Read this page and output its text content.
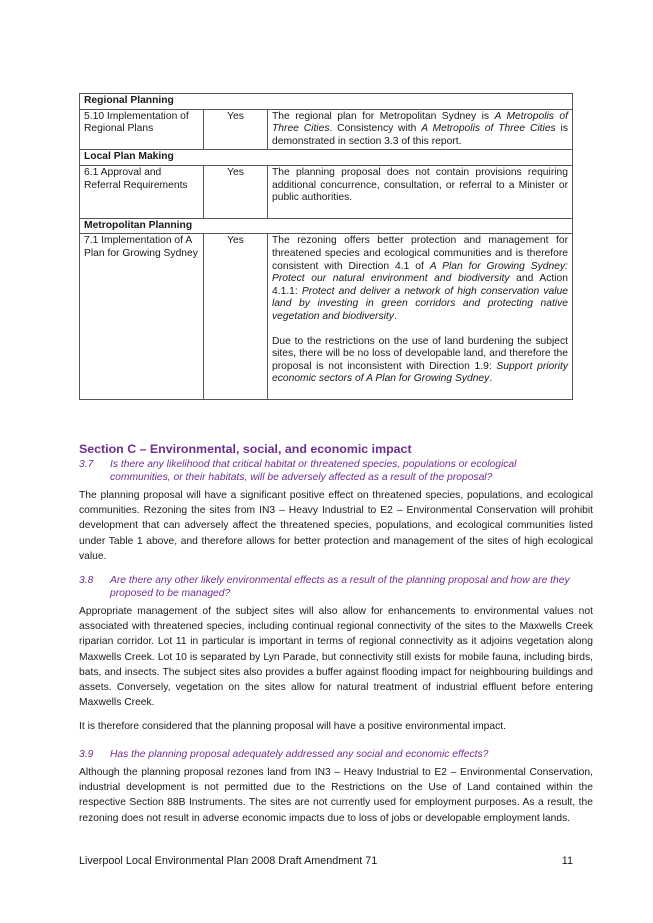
Regional Planning		
5.10 Implementation of Regional Plans	Yes	The regional plan for Metropolitan Sydney is A Metropolis of Three Cities. Consistency with A Metropolis of Three Cities is demonstrated in section 3.3 of this report.
Local Plan Making		
6.1 Approval and Referral Requirements	Yes	The planning proposal does not contain provisions requiring additional concurrence, consultation, or referral to a Minister or public authorities.
Metropolitan Planning		
7.1 Implementation of A Plan for Growing Sydney	Yes	The rezoning offers better protection and management for threatened species and ecological communities and is therefore consistent with Direction 4.1 of A Plan for Growing Sydney: Protect our natural environment and biodiversity and Action 4.1.1: Protect and deliver a network of high conservation value land by investing in green corridors and protecting native vegetation and biodiversity.
Due to the restrictions on the use of land burdening the subject sites, there will be no loss of developable land, and therefore the proposal is not inconsistent with Direction 1.9: Support priority economic sectors of A Plan for Growing Sydney.
Section C – Environmental, social, and economic impact
3.7	Is there any likelihood that critical habitat or threatened species, populations or ecological communities, or their habitats, will be adversely affected as a result of the proposal?
The planning proposal will have a significant positive effect on threatened species, populations, and ecological communities. Rezoning the sites from IN3 – Heavy Industrial to E2 – Environmental Conservation will prohibit development that can adversely affect the threatened species, populations, and ecological communities listed under Table 1 above, and therefore allows for better protection and management of the sites of high ecological value.
3.8	Are there any other likely environmental effects as a result of the planning proposal and how are they proposed to be managed?
Appropriate management of the subject sites will also allow for enhancements to environmental values not associated with threatened species, including continual regional connectivity of the sites to the Maxwells Creek riparian corridor. Lot 11 in particular is important in terms of regional connectivity as it adjoins vegetation along Maxwells Creek. Lot 10 is separated by Lyn Parade, but connectivity still exists for mobile fauna, including birds, bats, and insects. The subject sites also provides a buffer against flooding impact for neighbouring buildings and assets. Conversely, vegetation on the sites allow for natural treatment of industrial effluent before entering Maxwells Creek.
It is therefore considered that the planning proposal will have a positive environmental impact.
3.9	Has the planning proposal adequately addressed any social and economic effects?
Although the planning proposal rezones land from IN3 – Heavy Industrial to E2 – Environmental Conservation, industrial development is not permitted due to the Restrictions on the Use of Land contained within the respective Section 88B Instruments. The sites are not currently used for employment purposes. As a result, the rezoning does not result in adverse economic impacts due to loss of jobs or developable employment lands.
Liverpool Local Environmental Plan 2008 Draft Amendment 71	11
